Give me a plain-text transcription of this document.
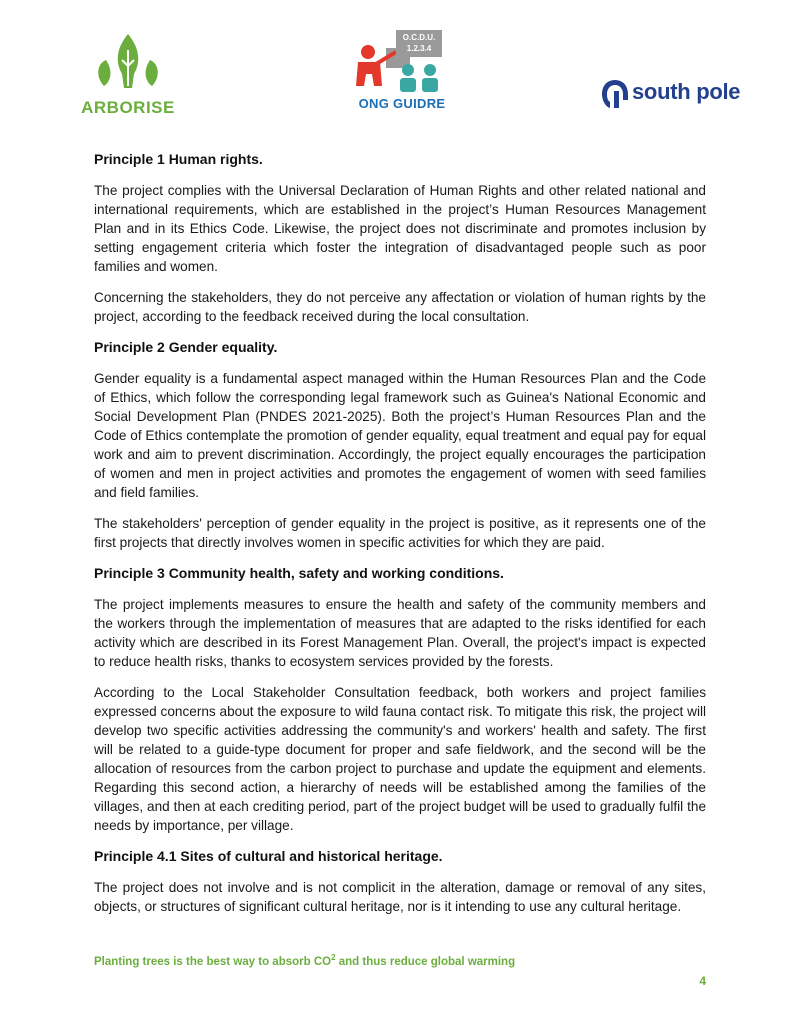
ARBORISE
O.C.D.U.
1.2.3.4
ONG GUIDRE	south pole
Principle 1 Human rights.

The project complies with the Universal Declaration of Human Rights and other related national and international requirements, which are established in the project’s Human Resources Management Plan and in its Ethics Code. Likewise, the project does not discriminate and promotes inclusion by setting engagement criteria which foster the integration of disadvantaged people such as poor families and women.

Concerning the stakeholders, they do not perceive any affectation or violation of human rights by the project, according to the feedback received during the local consultation.

Principle 2 Gender equality.

Gender equality is a fundamental aspect managed within the Human Resources Plan and the Code of Ethics, which follow the corresponding legal framework such as Guinea's National Economic and Social Development Plan (PNDES 2021-2025). Both the project’s Human Resources Plan and the Code of Ethics contemplate the promotion of gender equality, equal treatment and equal pay for equal work and aim to prevent discrimination. Accordingly, the project equally encourages the participation of women and men in project activities and promotes the engagement of women with seed families and field families.

The stakeholders' perception of gender equality in the project is positive, as it represents one of the first projects that directly involves women in specific activities for which they are paid.

Principle 3 Community health, safety and working conditions.

The project implements measures to ensure the health and safety of the community members and the workers through the implementation of measures that are adapted to the risks identified for each activity which are described in its Forest Management Plan. Overall, the project's impact is expected to reduce health risks, thanks to ecosystem services provided by the forests.

According to the Local Stakeholder Consultation feedback, both workers and project families expressed concerns about the exposure to wild fauna contact risk. To mitigate this risk, the project will develop two specific activities addressing the community's and workers' health and safety. The first will be related to a guide-type document for proper and safe fieldwork, and the second will be the allocation of resources from the carbon project to purchase and update the equipment and elements. Regarding this second action, a hierarchy of needs will be established among the families of the villages, and then at each crediting period, part of the project budget will be used to gradually fulfil the needs by importance, per village.

Principle 4.1 Sites of cultural and historical heritage.

The project does not involve and is not complicit in the alteration, damage or removal of any sites, objects, or structures of significant cultural heritage, nor is it intending to use any cultural heritage.

Planting trees is the best way to absorb $CO^2$ and thus reduce global warming
4
